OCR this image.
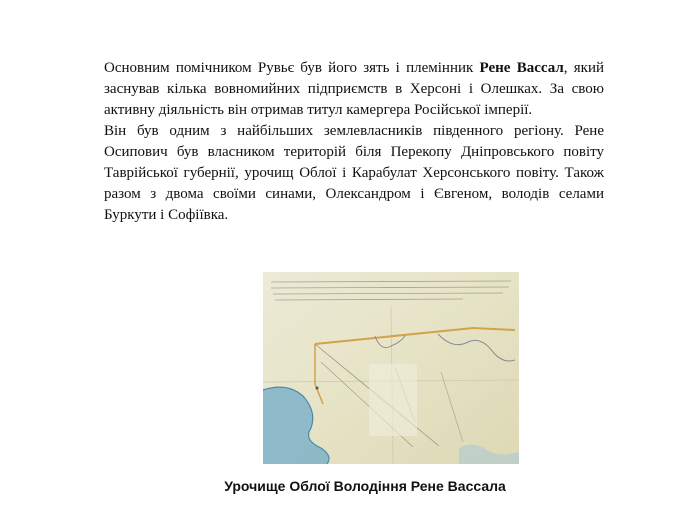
Основним помічником Рувьє був його зять і племінник Рене Вассал, який заснував кілька вовномийних підприємств в Херсоні і Олешках. За свою активну діяльність він отримав титул камергера Російської імперії.

Він був одним з найбільших землевласників південного регіону. Рене Осипович був власником територій біля Перекопу Дніпровського повіту Таврійської губернії, урочищ Облої і Карабулат Херсонського повіту. Також разом з двома своїми синами, Олександром і Євгеном, володів селами Буркути і Софіївка.

Урочище Облої Володіння Рене Вассала
